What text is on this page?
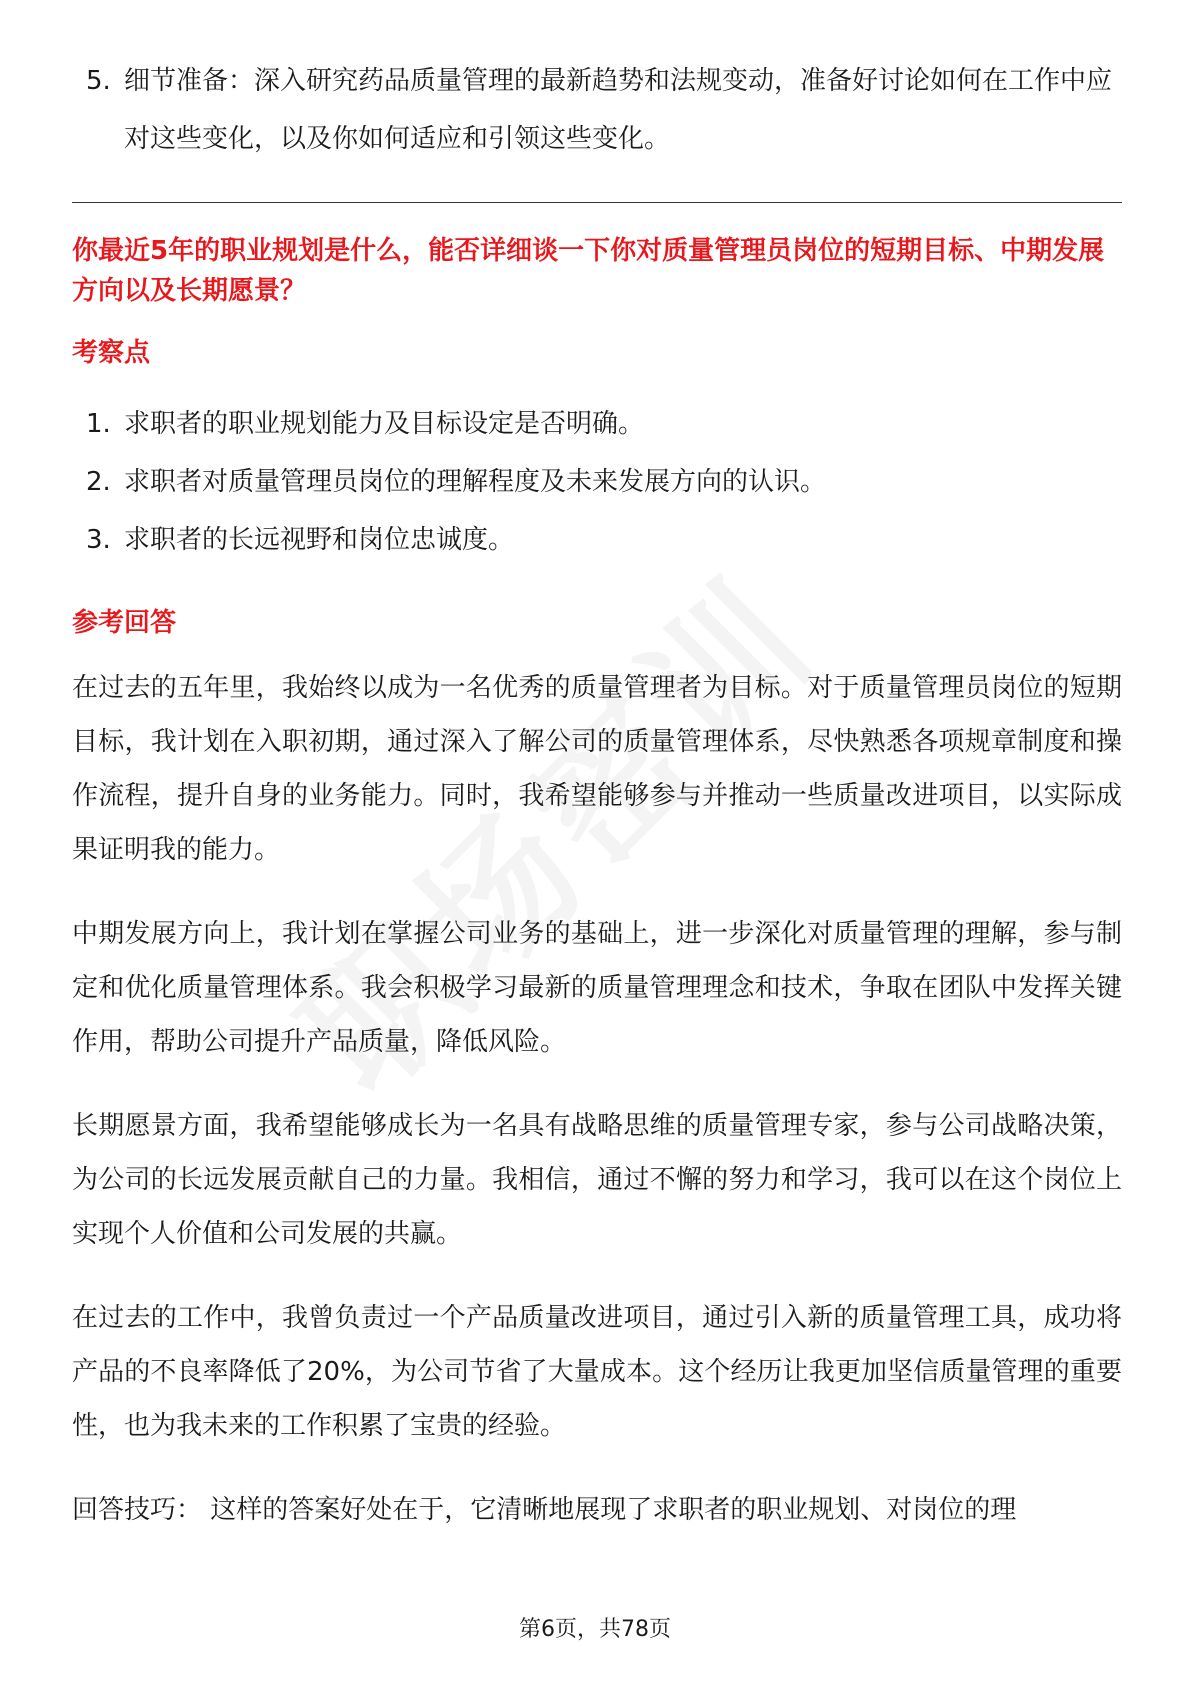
5. 细节准备：深入研究药品质量管理的最新趋势和法规变动，准备好讨论如何在工作中应对这些变化，以及你如何适应和引领这些变化。

你最近5年的职业规划是什么，能否详细谈一下你对质量管理员岗位的短期目标、中期发展方向以及长期愿景？

考察点
1. 求职者的职业规划能力及目标设定是否明确。
2. 求职者对质量管理员岗位的理解程度及未来发展方向的认识。
3. 求职者的长远视野和岗位忠诚度。
参考回答

在过去的五年里，我始终以成为一名优秀的质量管理者为目标。对于质量管理员岗位的短期目标，我计划在入职初期，通过深入了解公司的质量管理体系，尽快熟悉各项规章制度和操作流程，提升自身的业务能力。同时，我希望能够参与并推动一些质量改进项目，以实际成果证明我的能力。

中期发展方向上，我计划在掌握公司业务的基础上，进一步深化对质量管理的理解，参与制定和优化质量管理体系。我会积极学习最新的质量管理理念和技术，争取在团队中发挥关键作用，帮助公司提升产品质量，降低风险。

长期愿景方面，我希望能够成长为一名具有战略思维的质量管理专家，参与公司战略决策，为公司的长远发展贡献自己的力量。我相信，通过不懈的努力和学习，我可以在这个岗位上实现个人价值和公司发展的共赢。

在过去的工作中，我曾负责过一个产品质量改进项目，通过引入新的质量管理工具，成功将产品的不良率降低了20%，为公司节省了大量成本。这个经历让我更加坚信质量管理的重要性，也为我未来的工作积累了宝贵的经验。

回答技巧： 这样的答案好处在于，它清晰地展现了求职者的职业规划、对岗位的理

第6页，共78页
